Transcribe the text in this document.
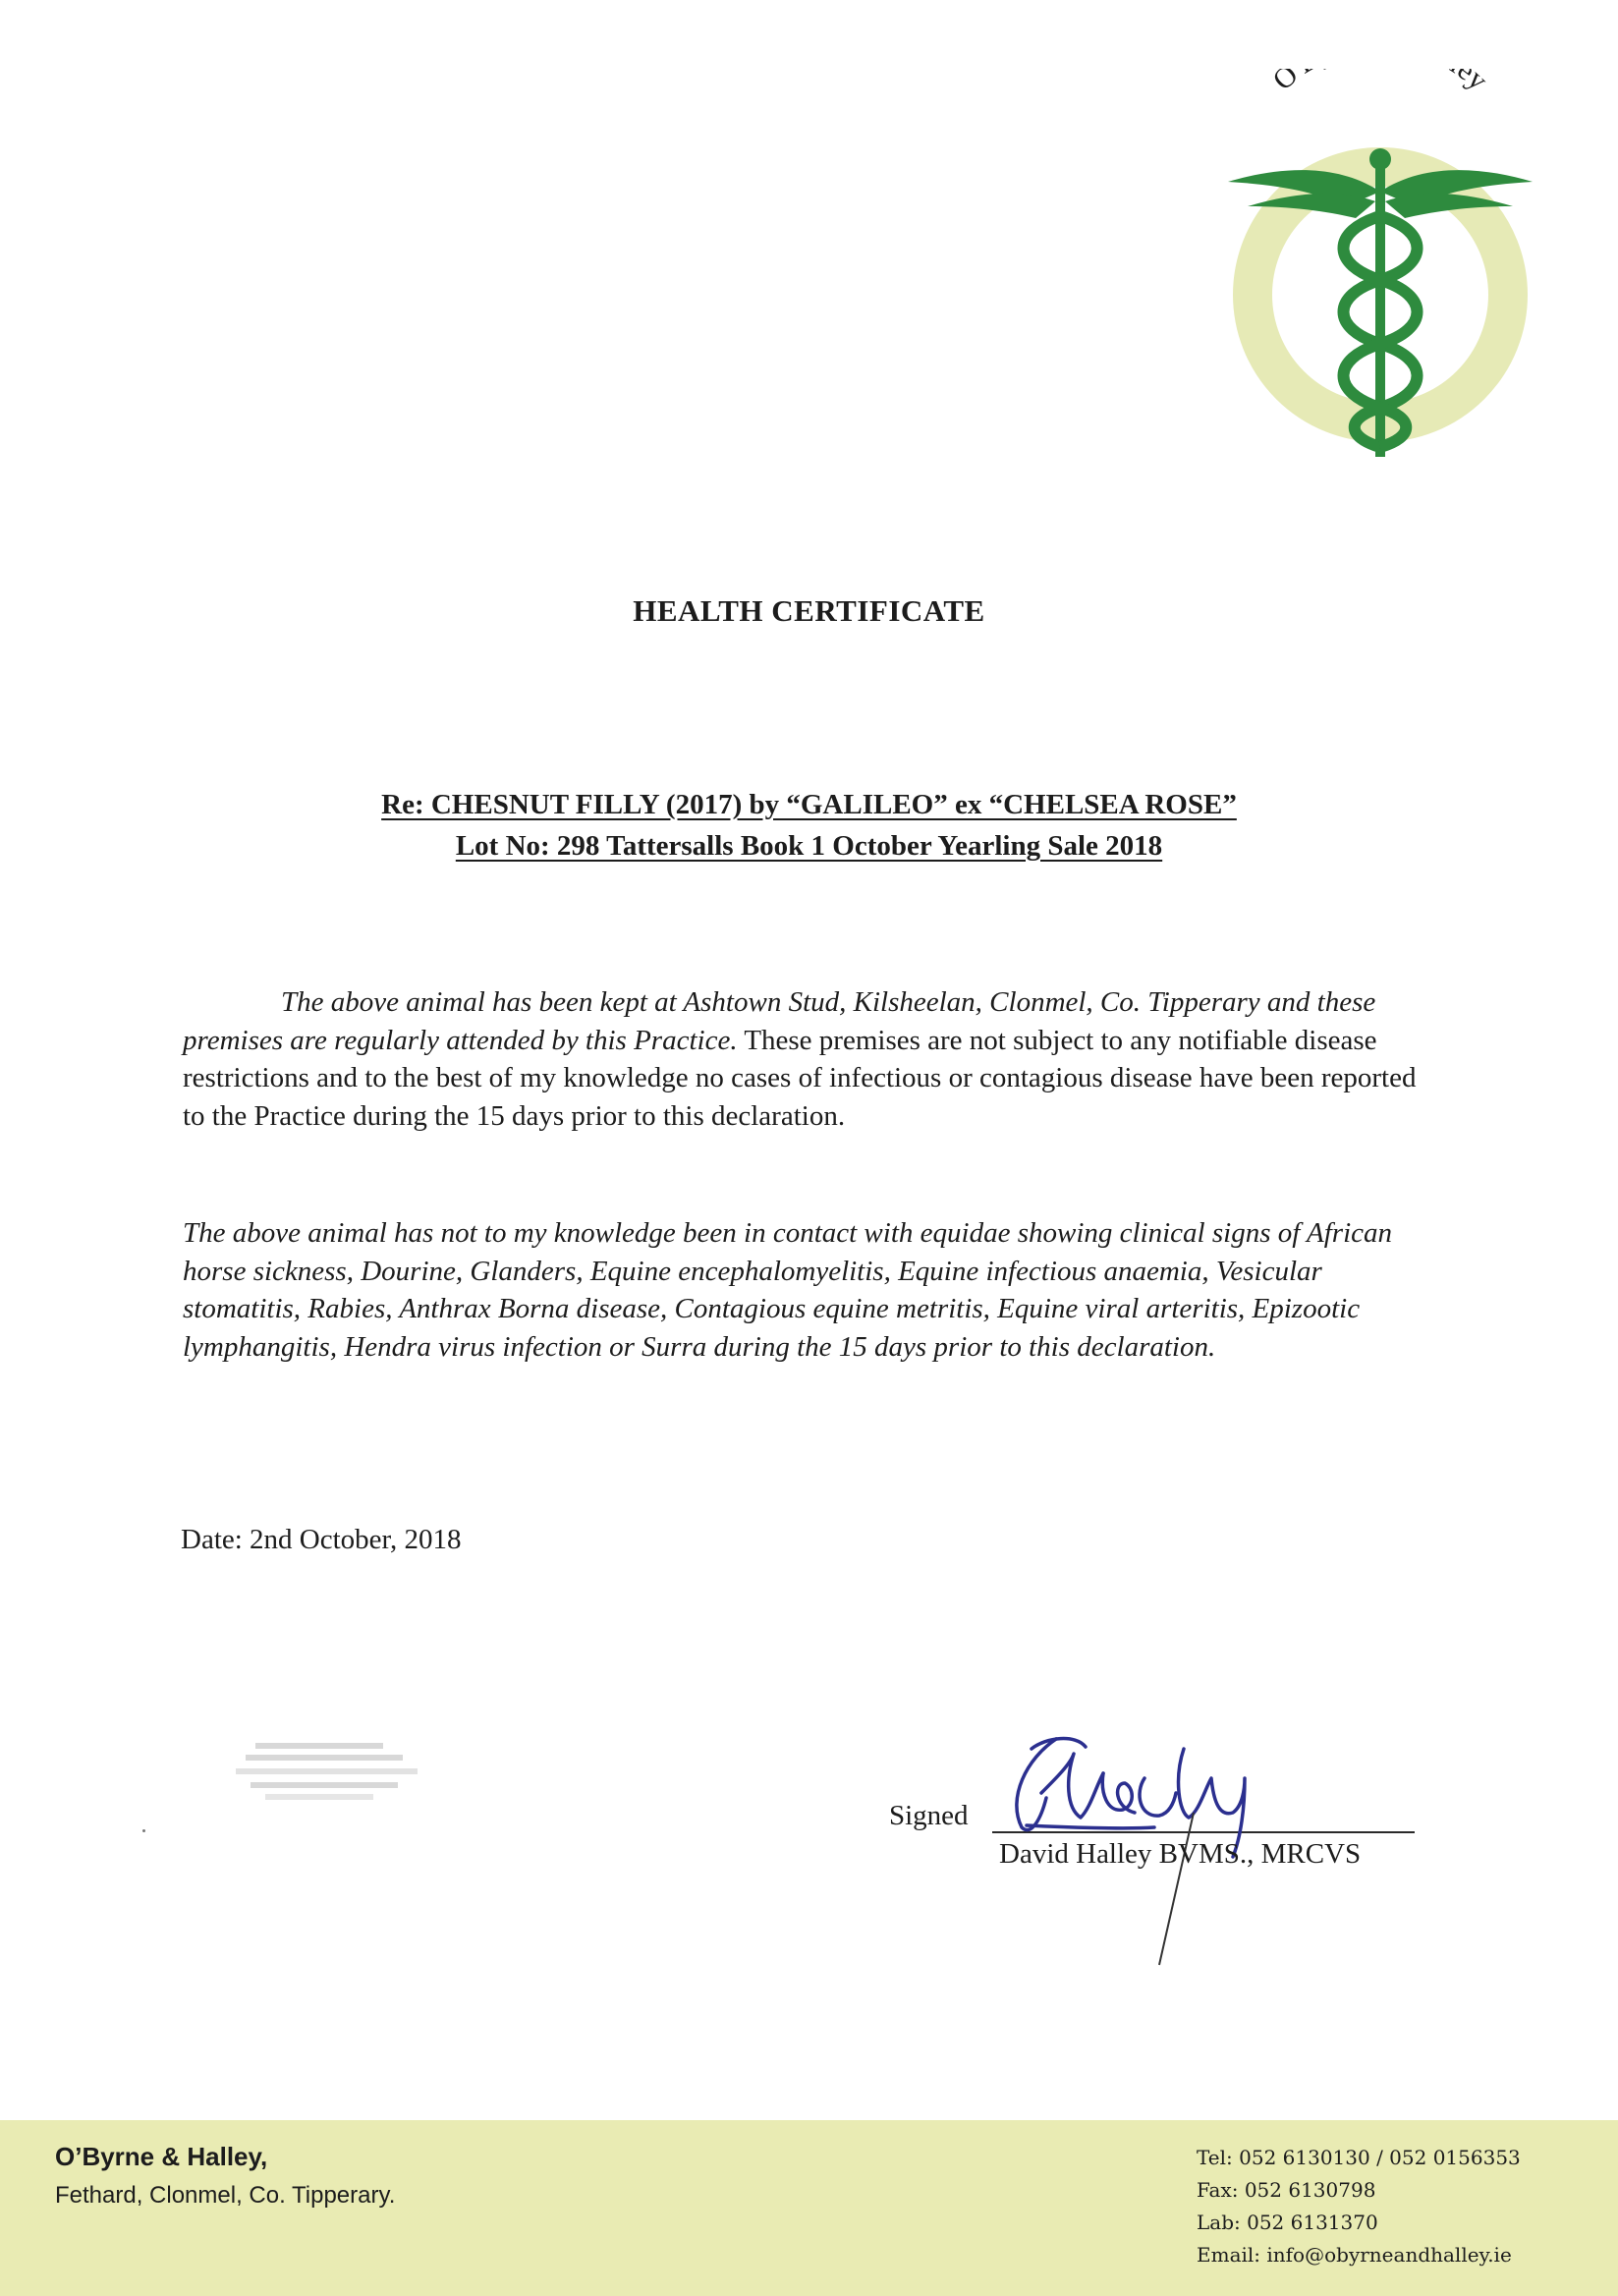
O ey
HEALTH CERTIFICATE
Re: CHESNUT FILLY (2017) by “GALILEO” ex “CHELSEA ROSE”
Lot No: 298 Tattersalls Book 1 October Yearling Sale 2018

The above animal has been kept at Ashtown Stud, Kilsheelan, Clonmel, Co. Tipperary and these premises are regularly attended by this Practice. These premises are not subject to any notifiable disease restrictions and to the best of my knowledge no cases of infectious or contagious disease have been reported to the Practice during the 15 days prior to this declaration.

The above animal has not to my knowledge been in contact with equidae showing clinical signs of African horse sickness, Dourine, Glanders, Equine encephalomyelitis, Equine infectious anaemia, Vesicular stomatitis, Rabies, Anthrax Borna disease, Contagious equine metritis, Equine viral arteritis, Epizootic lymphangitis, Hendra virus infection or Surra during the 15 days prior to this declaration.

Date: 2nd October, 2018
Signed
David Halley BVMS., MRCVS
O’Byrne & Halley,
Fethard, Clonmel, Co. Tipperary.
Tel: 052 6130130 / 052 0156353
Fax: 052 6130798
Lab: 052 6131370
Email: info@obyrneandhalley.ie
